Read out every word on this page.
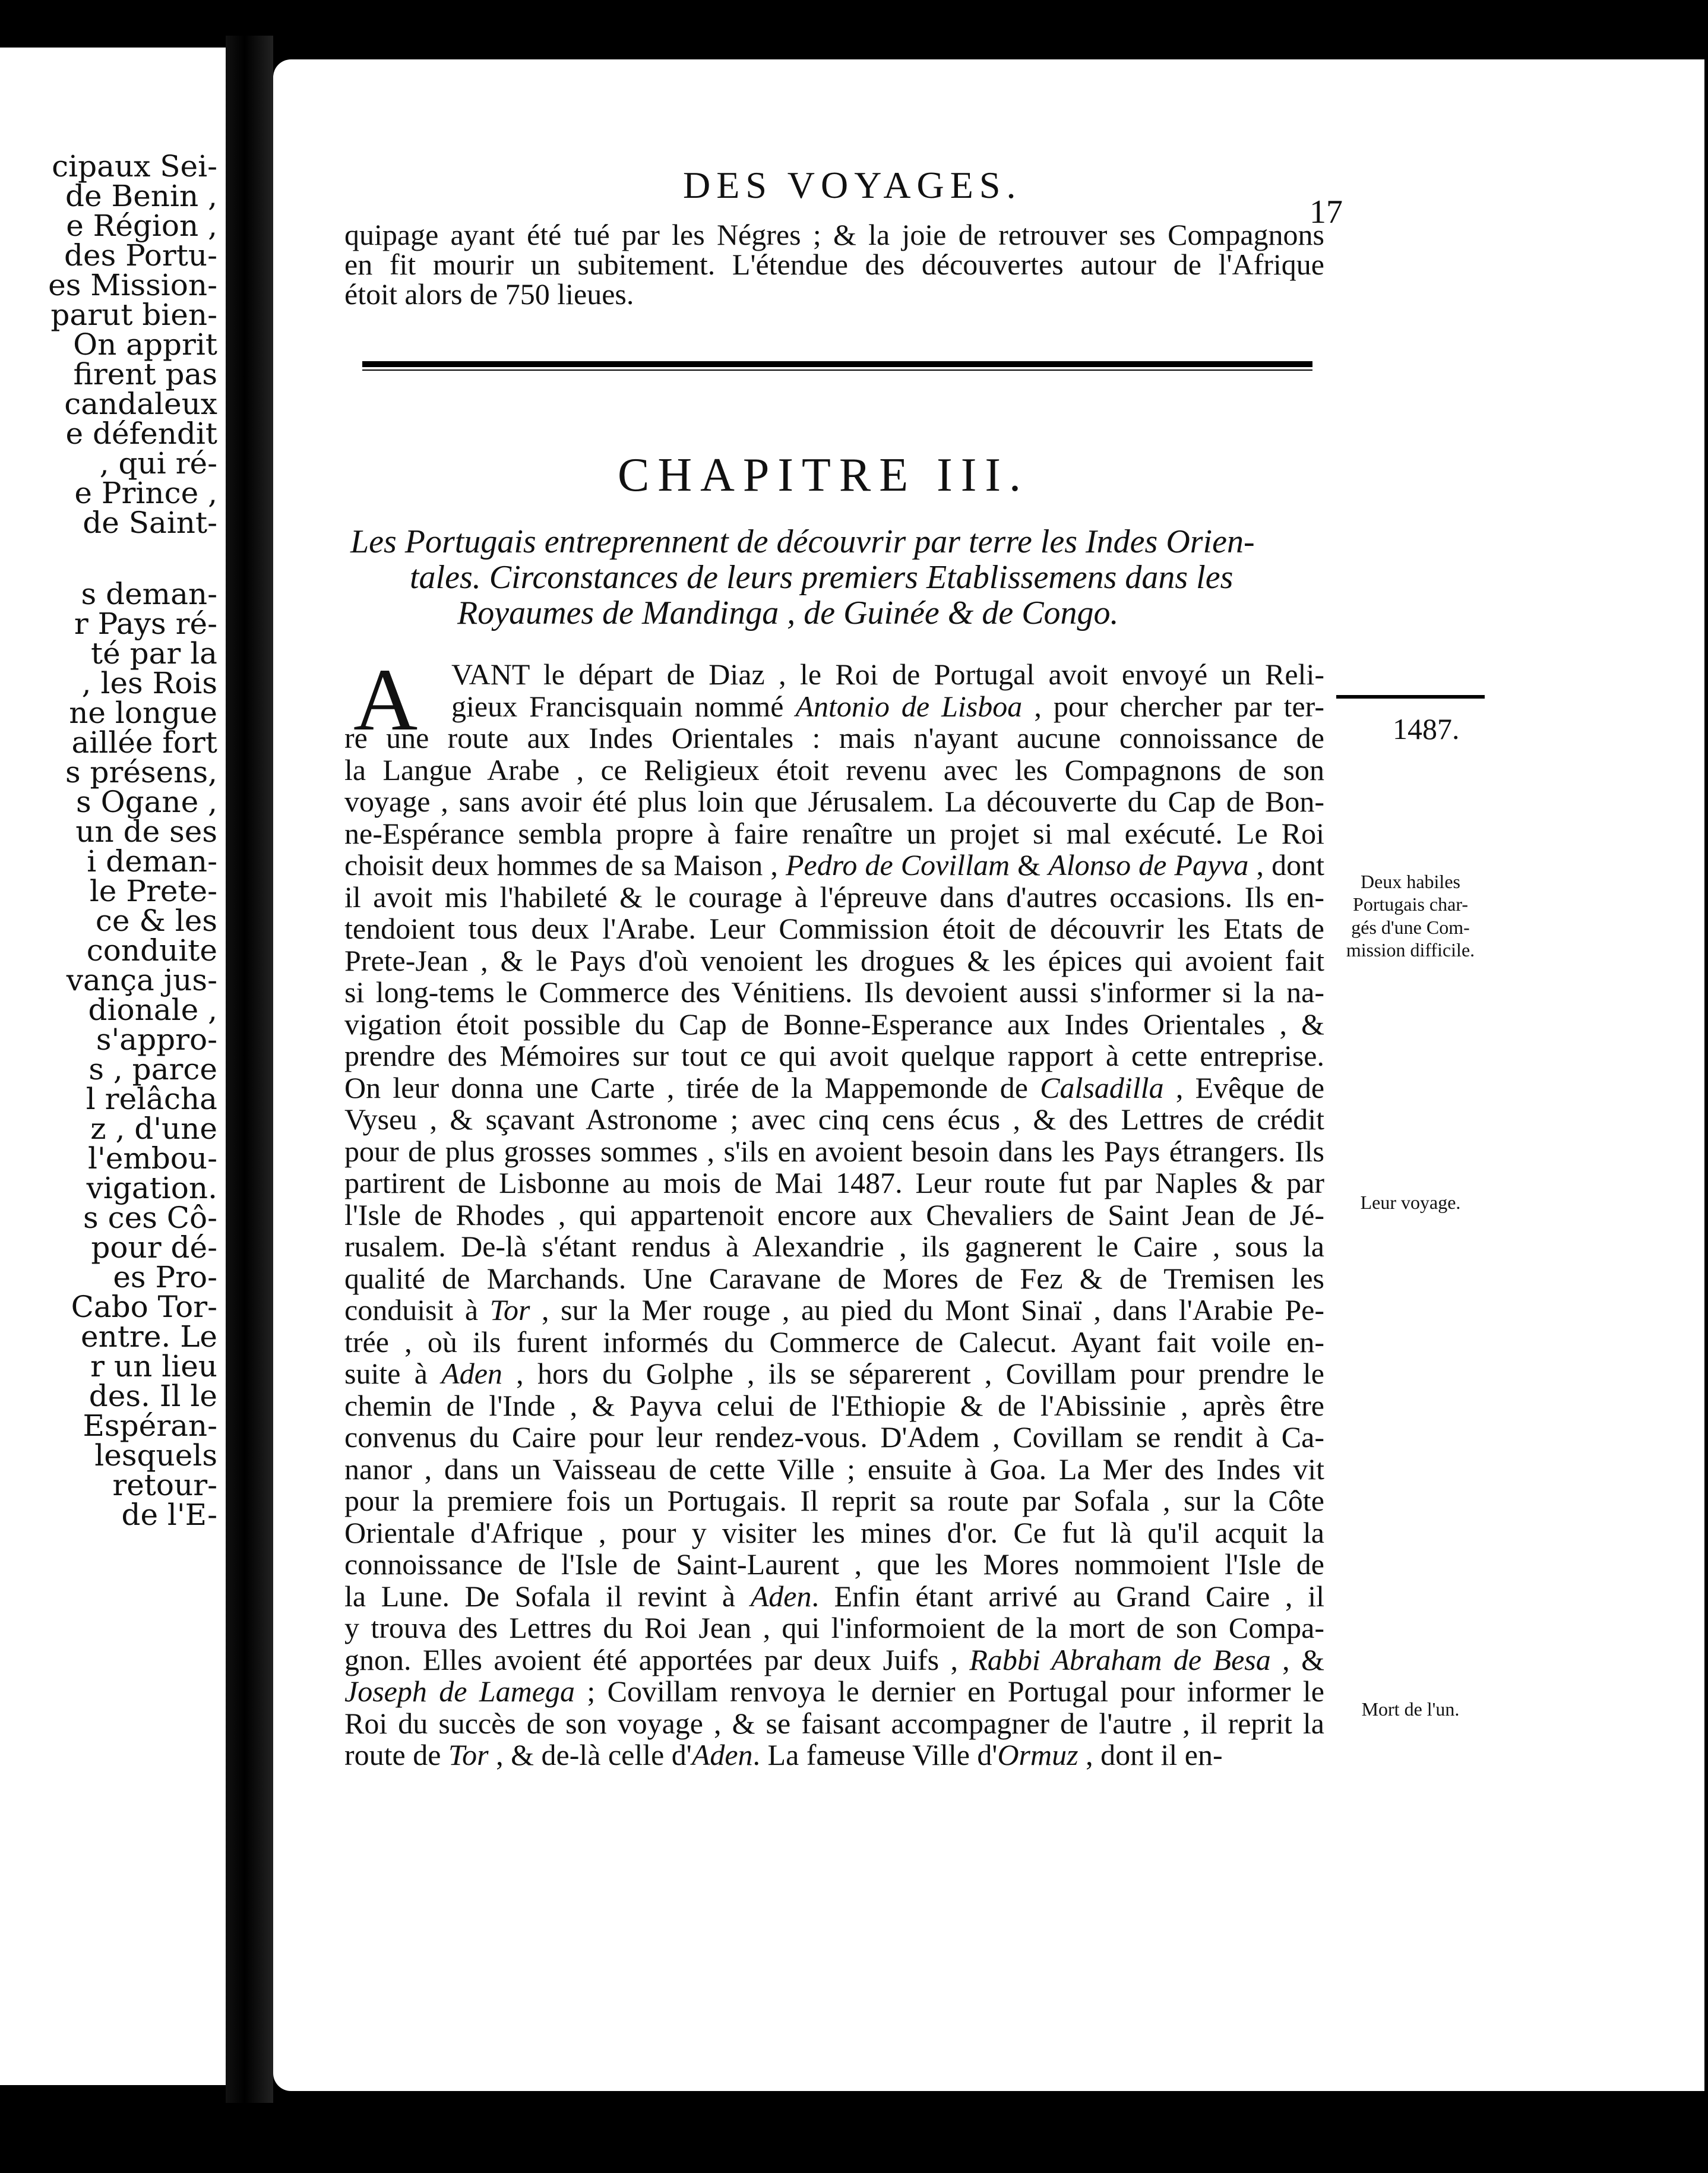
cipaux Sei-
de Benin ,
e Région ,
des Portu-
es Mission-
parut bien-
On apprit
firent pas
candaleux
e défendit
, qui ré-
e Prince ,
de Saint-
s deman-
r Pays ré-
té par la
, les Rois
ne longue
aillée fort
s présens,
s Ogane ,
un de ses
i deman-
le Prete-
ce & les
conduite
vança jus-
dionale ,
s'appro-
s , parce
l relâcha
z , d'une
l'embou-
vigation.
s ces Cô-
pour dé-
es Pro-
Cabo Tor-
entre. Le
r un lieu
des. Il le
Espéran-
lesquels
retour-
de l'E-
DES VOYAGES.
17
quipage ayant été tué par les Négres ; & la joie de retrouver ses Compagnons
en fit mourir un subitement. L'étendue des découvertes autour de l'Afrique
étoit alors de 750 lieues.
CHAPITRE III.
Les Portugais entreprennent de découvrir par terre les Indes Orien-
tales. Circonstances de leurs premiers Etablissemens dans les
Royaumes de Mandinga , de Guinée & de Congo.
A VANT le départ de Diaz , le Roi de Portugal avoit envoyé un Reli-
gieux Francisquain nommé Antonio de Lisboa , pour chercher par ter-
re une route aux Indes Orientales : mais n'ayant aucune connoissance de
la Langue Arabe , ce Religieux étoit revenu avec les Compagnons de son
voyage , sans avoir été plus loin que Jérusalem. La découverte du Cap de Bon-
ne-Espérance sembla propre à faire renaître un projet si mal exécuté. Le Roi
choisit deux hommes de sa Maison , Pedro de Covillam & Alonso de Payva , dont
il avoit mis l'habileté & le courage à l'épreuve dans d'autres occasions. Ils en-
tendoient tous deux l'Arabe. Leur Commission étoit de découvrir les Etats de
Prete-Jean , & le Pays d'où venoient les drogues & les épices qui avoient fait
si long-tems le Commerce des Vénitiens. Ils devoient aussi s'informer si la na-
vigation étoit possible du Cap de Bonne-Esperance aux Indes Orientales , &
prendre des Mémoires sur tout ce qui avoit quelque rapport à cette entreprise.
On leur donna une Carte , tirée de la Mappemonde de Calsadilla , Evêque de
Vyseu , & sçavant Astronome ; avec cinq cens écus , & des Lettres de crédit
pour de plus grosses sommes , s'ils en avoient besoin dans les Pays étrangers. Ils
partirent de Lisbonne au mois de Mai 1487. Leur route fut par Naples & par
l'Isle de Rhodes , qui appartenoit encore aux Chevaliers de Saint Jean de Jé-
rusalem. De-là s'étant rendus à Alexandrie , ils gagnerent le Caire , sous la
qualité de Marchands. Une Caravane de Mores de Fez & de Tremisen les
conduisit à Tor , sur la Mer rouge , au pied du Mont Sinaï , dans l'Arabie Pe-
trée , où ils furent informés du Commerce de Calecut. Ayant fait voile en-
suite à Aden , hors du Golphe , ils se séparerent , Covillam pour prendre le
chemin de l'Inde , & Payva celui de l'Ethiopie & de l'Abissinie , après être
convenus du Caire pour leur rendez-vous. D'Adem , Covillam se rendit à Ca-
nanor , dans un Vaisseau de cette Ville ; ensuite à Goa. La Mer des Indes vit
pour la premiere fois un Portugais. Il reprit sa route par Sofala , sur la Côte
Orientale d'Afrique , pour y visiter les mines d'or. Ce fut là qu'il acquit la
connoissance de l'Isle de Saint-Laurent , que les Mores nommoient l'Isle de
la Lune. De Sofala il revint à Aden. Enfin étant arrivé au Grand Caire , il
y trouva des Lettres du Roi Jean , qui l'informoient de la mort de son Compa-
gnon. Elles avoient été apportées par deux Juifs , Rabbi Abraham de Besa , &
Joseph de Lamega ; Covillam renvoya le dernier en Portugal pour informer le
Roi du succès de son voyage , & se faisant accompagner de l'autre , il reprit la
route de Tor , & de-là celle d'Aden. La fameuse Ville d'Ormuz , dont il en-
1487.
Deux habiles Portugais char- gés d'une Com- mission difficile.
Leur voyage.
Mort de l'un.
